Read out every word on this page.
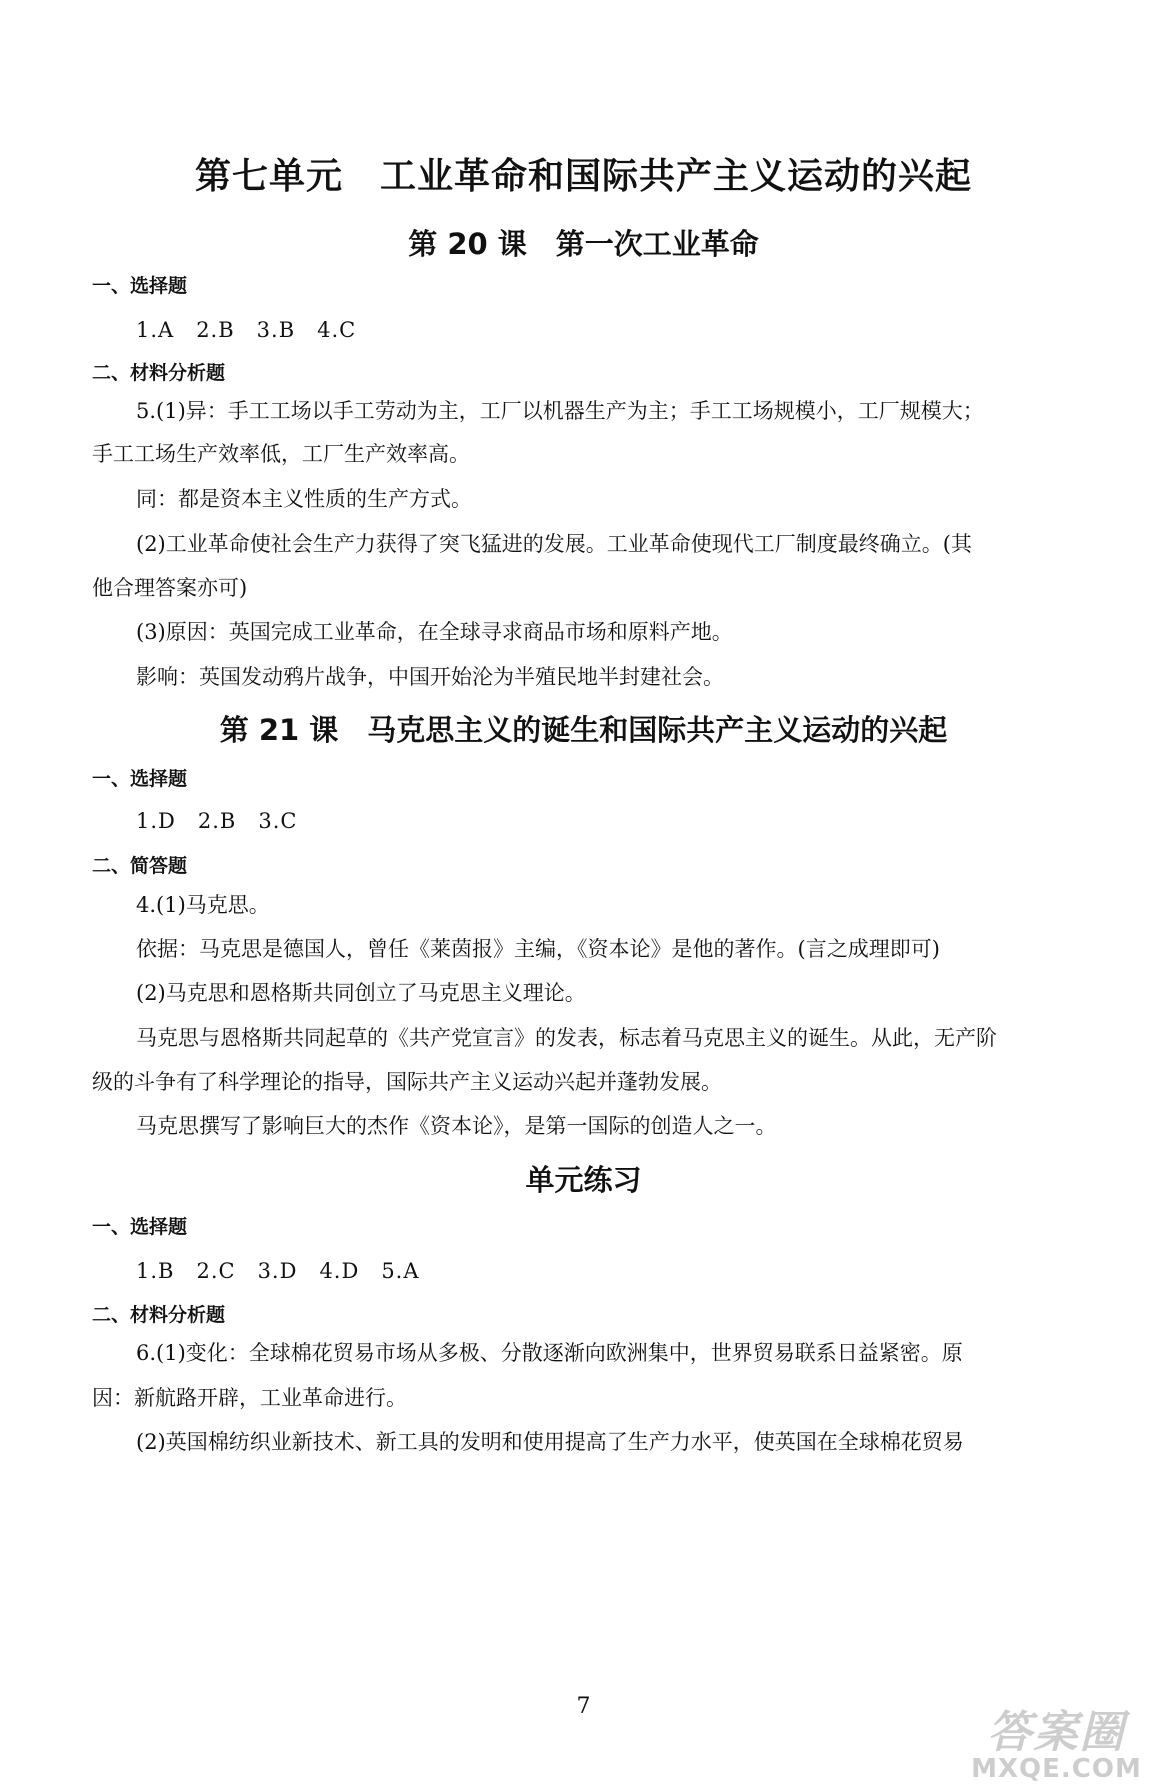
第七单元　工业革命和国际共产主义运动的兴起
第 20 课　第一次工业革命
一、选择题
1.A　2.B　3.B　4.C
二、材料分析题
5.(1)异：手工工场以手工劳动为主，工厂以机器生产为主；手工工场规模小，工厂规模大；
手工工场生产效率低，工厂生产效率高。
同：都是资本主义性质的生产方式。
(2)工业革命使社会生产力获得了突飞猛进的发展。工业革命使现代工厂制度最终确立。(其
他合理答案亦可)
(3)原因：英国完成工业革命，在全球寻求商品市场和原料产地。
影响：英国发动鸦片战争，中国开始沦为半殖民地半封建社会。
第 21 课　马克思主义的诞生和国际共产主义运动的兴起
一、选择题
1.D　2.B　3.C
二、简答题
4.(1)马克思。
依据：马克思是德国人，曾任《莱茵报》主编，《资本论》是他的著作。(言之成理即可)
(2)马克思和恩格斯共同创立了马克思主义理论。
马克思与恩格斯共同起草的《共产党宣言》的发表，标志着马克思主义的诞生。从此，无产阶
级的斗争有了科学理论的指导，国际共产主义运动兴起并蓬勃发展。
马克思撰写了影响巨大的杰作《资本论》，是第一国际的创造人之一。
单元练习
一、选择题
1.B　2.C　3.D　4.D　5.A
二、材料分析题
6.(1)变化：全球棉花贸易市场从多极、分散逐渐向欧洲集中，世界贸易联系日益紧密。原
因：新航路开辟，工业革命进行。
(2)英国棉纺织业新技术、新工具的发明和使用提高了生产力水平，使英国在全球棉花贸易
7
答案圈
MXQE.COM
